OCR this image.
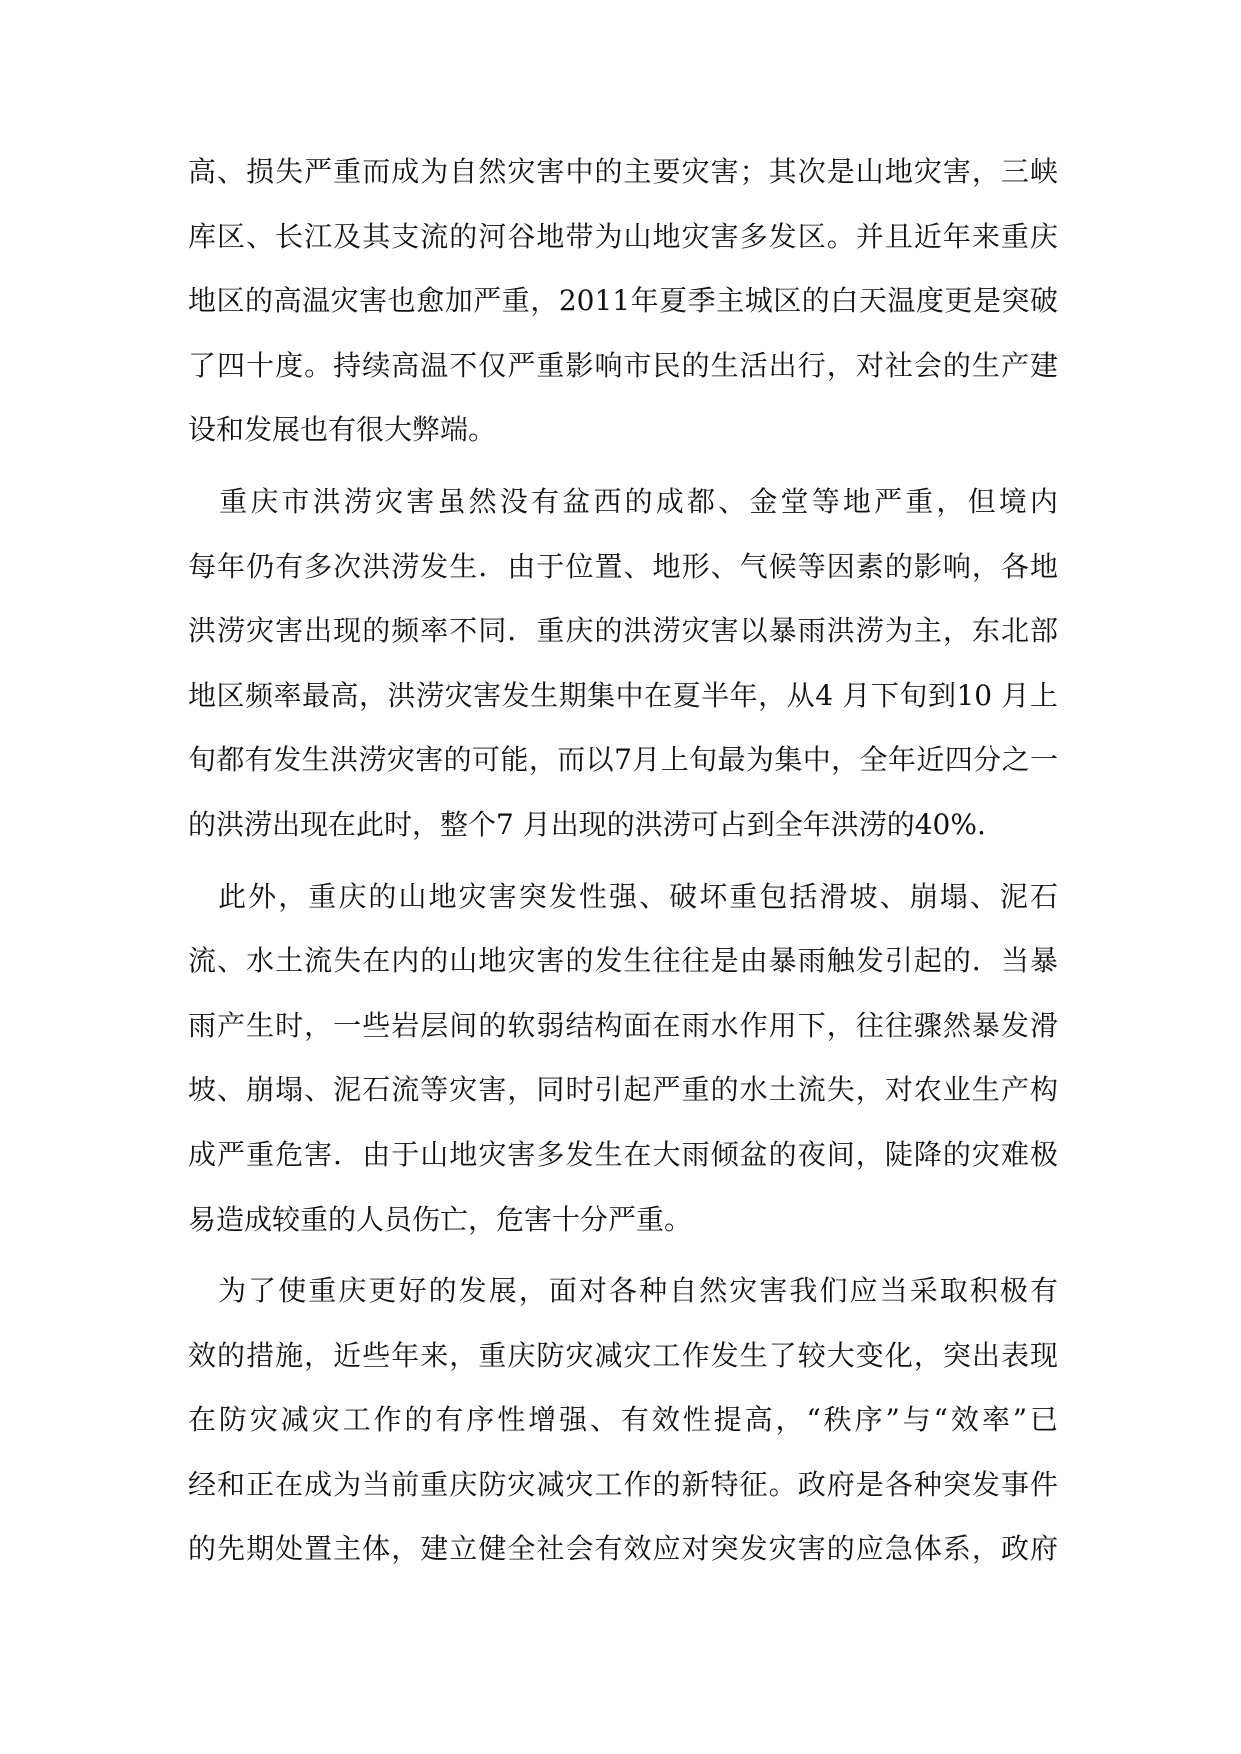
高、损失严重而成为自然灾害中的主要灾害；其次是山地灾害，三峡
库区、长江及其支流的河谷地带为山地灾害多发区。并且近年来重庆
地区的高温灾害也愈加严重，2011年夏季主城区的白天温度更是突破
了四十度。持续高温不仅严重影响市民的生活出行，对社会的生产建
设和发展也有很大弊端。
　重庆市洪涝灾害虽然没有盆西的成都、金堂等地严重，但境内
每年仍有多次洪涝发生．由于位置、地形、气候等因素的影响，各地
洪涝灾害出现的频率不同．重庆的洪涝灾害以暴雨洪涝为主，东北部
地区频率最高，洪涝灾害发生期集中在夏半年，从4 月下旬到10 月上
旬都有发生洪涝灾害的可能，而以7月上旬最为集中，全年近四分之一
的洪涝出现在此时，整个7 月出现的洪涝可占到全年洪涝的40%.
　此外，重庆的山地灾害突发性强、破坏重包括滑坡、崩塌、泥石
流、水土流失在内的山地灾害的发生往往是由暴雨触发引起的．当暴
雨产生时，一些岩层间的软弱结构面在雨水作用下，往往骤然暴发滑
坡、崩塌、泥石流等灾害，同时引起严重的水土流失，对农业生产构
成严重危害．由于山地灾害多发生在大雨倾盆的夜间，陡降的灾难极
易造成较重的人员伤亡，危害十分严重。
　为了使重庆更好的发展，面对各种自然灾害我们应当采取积极有
效的措施，近些年来，重庆防灾减灾工作发生了较大变化，突出表现
在防灾减灾工作的有序性增强、有效性提高，“秩序”与“效率”已
经和正在成为当前重庆防灾减灾工作的新特征。政府是各种突发事件
的先期处置主体，建立健全社会有效应对突发灾害的应急体系，政府
